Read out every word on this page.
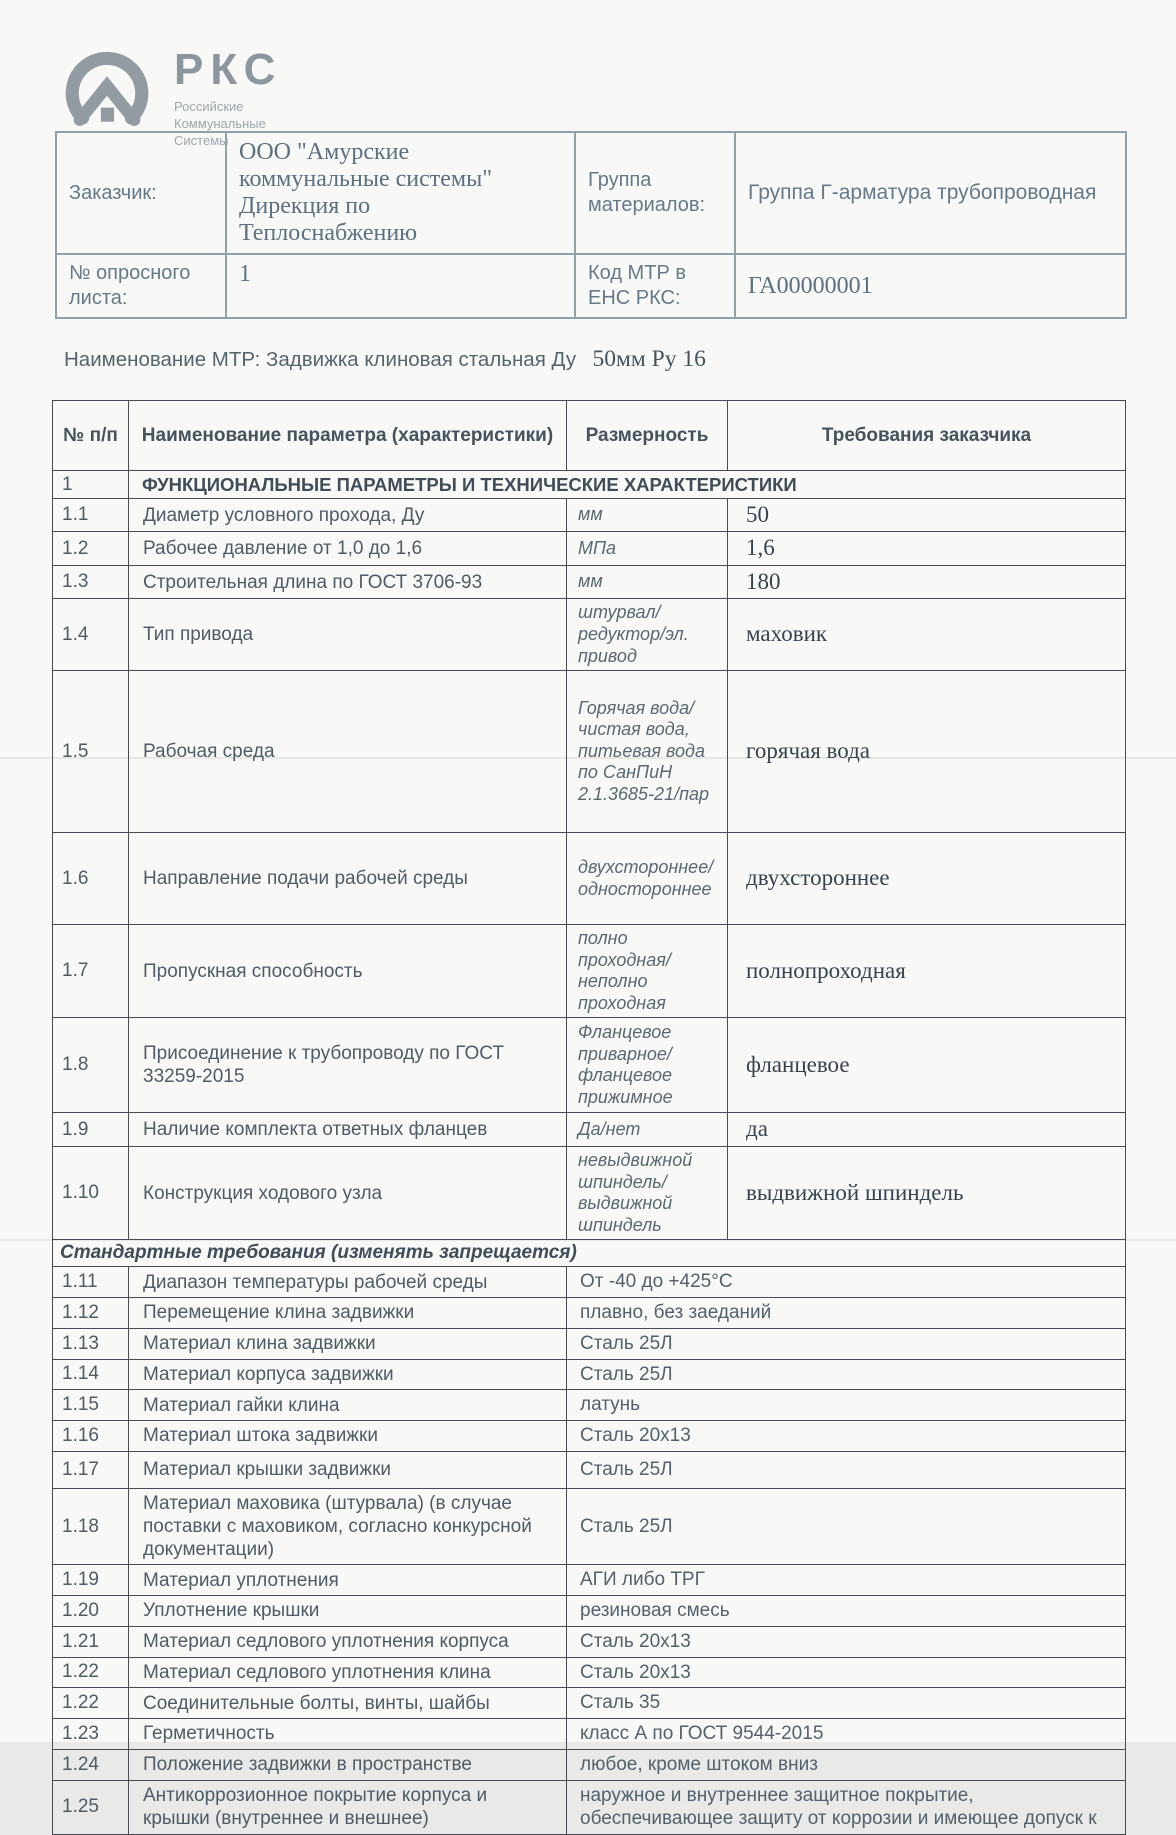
РКС
Российские
Коммунальные
Системы
Заказчик:	ООО "Амурские
коммунальные системы"
Дирекция по
Теплоснабжению	Группа материалов:	Группа Г-арматура трубопроводная
№ опросного листа:	1	Код МТР в ЕНС РКС:	ГА00000001
Наименование МТР: Задвижка клиновая стальная Ду 50мм Ру 16
№ п/п	Наименование параметра (характеристики)	Размерность	Требования заказчика
1	ФУНКЦИОНАЛЬНЫЕ ПАРАМЕТРЫ И ТЕХНИЧЕСКИЕ ХАРАКТЕРИСТИКИ		
1.1	Диаметр условного прохода, Ду	мм	50
1.2	Рабочее давление от 1,0 до 1,6	МПа	1,6
1.3	Строительная длина по ГОСТ 3706-93	мм	180
1.4	Тип привода	штурвал/ редуктор/эл. привод	маховик
1.5	Рабочая среда	Горячая вода/ чистая вода, питьевая вода по СанПиН 2.1.3685-21/пар	горячая вода
1.6	Направление подачи рабочей среды	двухстороннее/ одностороннее	двухстороннее
1.7	Пропускная способность	полно проходная/ неполно проходная	полнопроходная
1.8	Присоединение к трубопроводу по ГОСТ 33259-2015	Фланцевое приварное/фланцевое прижимное	фланцевое
1.9	Наличие комплекта ответных фланцев	Да/нет	да
1.10	Конструкция ходового узла	невыдвижной шпиндель/ выдвижной шпиндель	выдвижной шпиндель
Стандартные требования (изменять запрещается)			
1.11	Диапазон температуры рабочей среды	От -40 до +425°С	
1.12	Перемещение клина задвижки	плавно, без заеданий	
1.13	Материал клина задвижки	Сталь 25Л	
1.14	Материал корпуса задвижки	Сталь 25Л	
1.15	Материал гайки клина	латунь	
1.16	Материал штока задвижки	Сталь 20х13	
1.17	Материал крышки задвижки	Сталь 25Л	
1.18	Материал маховика (штурвала) (в случае поставки с маховиком, согласно конкурсной документации)	Сталь 25Л	
1.19	Материал уплотнения	АГИ либо ТРГ	
1.20	Уплотнение крышки	резиновая смесь	
1.21	Материал седлового уплотнения корпуса	Сталь 20х13	
1.22	Материал седлового уплотнения клина	Сталь 20х13	
1.22	Соединительные болты, винты, шайбы	Сталь 35	
1.23	Герметичность	класс А по ГОСТ 9544-2015	
1.24	Положение задвижки в пространстве	любое, кроме штоком вниз	
1.25	Антикоррозионное покрытие корпуса и крышки (внутреннее и внешнее)	наружное и внутреннее защитное покрытие,
обеспечивающее защиту от коррозии и имеющее допуск к	
